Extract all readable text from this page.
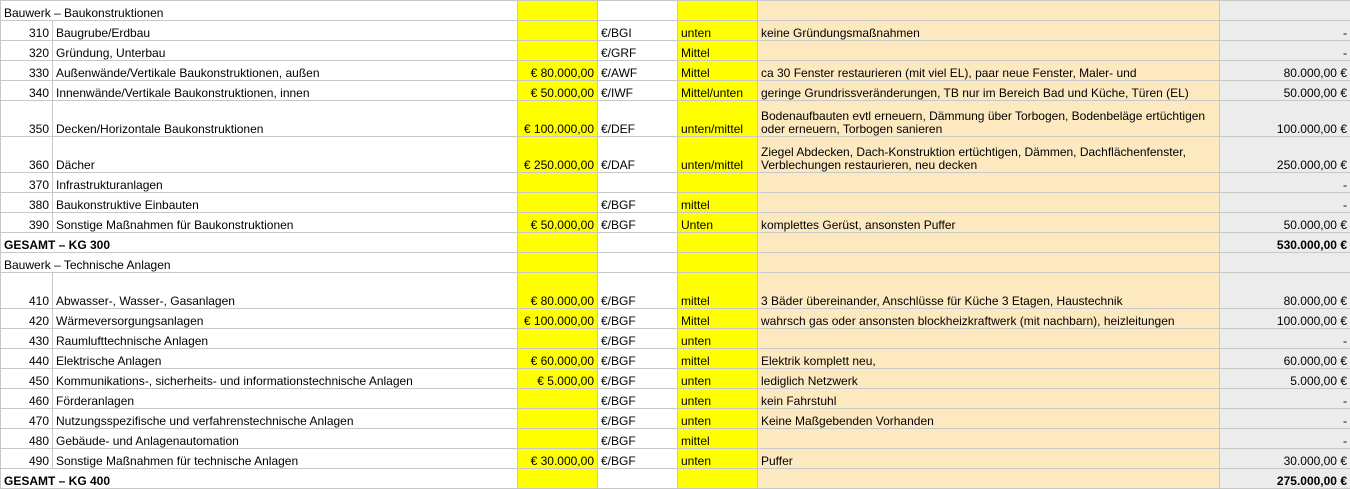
Bauwerk – Baukonstruktionen						
310	Baugrube/Erdbau		€/BGI	unten	keine Gründungsmaßnahmen	-
320	Gründung, Unterbau		€/GRF	Mittel		-
330	Außenwände/Vertikale Baukonstruktionen, außen	€ 80.000,00	€/AWF	Mittel	ca 30 Fenster restaurieren (mit viel EL), paar neue Fenster, Maler- und	80.000,00 €
340	Innenwände/Vertikale Baukonstruktionen, innen	€ 50.000,00	€/IWF	Mittel/unten	geringe Grundrissveränderungen, TB nur im Bereich Bad und Küche, Türen (EL)	50.000,00 €
350	Decken/Horizontale Baukonstruktionen	€ 100.000,00	€/DEF	unten/mittel	Bodenaufbauten evtl erneuern, Dämmung über Torbogen, Bodenbeläge ertüchtigen oder erneuern, Torbogen sanieren	100.000,00 €
360	Dächer	€ 250.000,00	€/DAF	unten/mittel	Ziegel Abdecken, Dach-Konstruktion ertüchtigen, Dämmen, Dachflächenfenster, Verblechungen restaurieren, neu decken	250.000,00 €
370	Infrastrukturanlagen					-
380	Baukonstruktive Einbauten		€/BGF	mittel		-
390	Sonstige Maßnahmen für Baukonstruktionen	€ 50.000,00	€/BGF	Unten	komplettes Gerüst, ansonsten Puffer	50.000,00 €
GESAMT – KG 300						530.000,00 €
Bauwerk – Technische Anlagen						
410	Abwasser-, Wasser-, Gasanlagen	€ 80.000,00	€/BGF	mittel	3 Bäder übereinander, Anschlüsse für Küche 3 Etagen, Haustechnik	80.000,00 €
420	Wärmeversorgungsanlagen	€ 100.000,00	€/BGF	Mittel	wahrsch gas oder ansonsten blockheizkraftwerk (mit nachbarn), heizleitungen	100.000,00 €
430	Raumlufttechnische Anlagen		€/BGF	unten		-
440	Elektrische Anlagen	€ 60.000,00	€/BGF	mittel	Elektrik komplett neu,	60.000,00 €
450	Kommunikations-, sicherheits- und informationstechnische Anlagen	€ 5.000,00	€/BGF	unten	lediglich Netzwerk	5.000,00 €
460	Förderanlagen		€/BGF	unten	kein Fahrstuhl	-
470	Nutzungsspezifische und verfahrenstechnische Anlagen		€/BGF	unten	Keine Maßgebenden Vorhanden	-
480	Gebäude- und Anlagenautomation		€/BGF	mittel		-
490	Sonstige Maßnahmen für technische Anlagen	€ 30.000,00	€/BGF	unten	Puffer	30.000,00 €
GESAMT – KG 400						275.000,00 €
